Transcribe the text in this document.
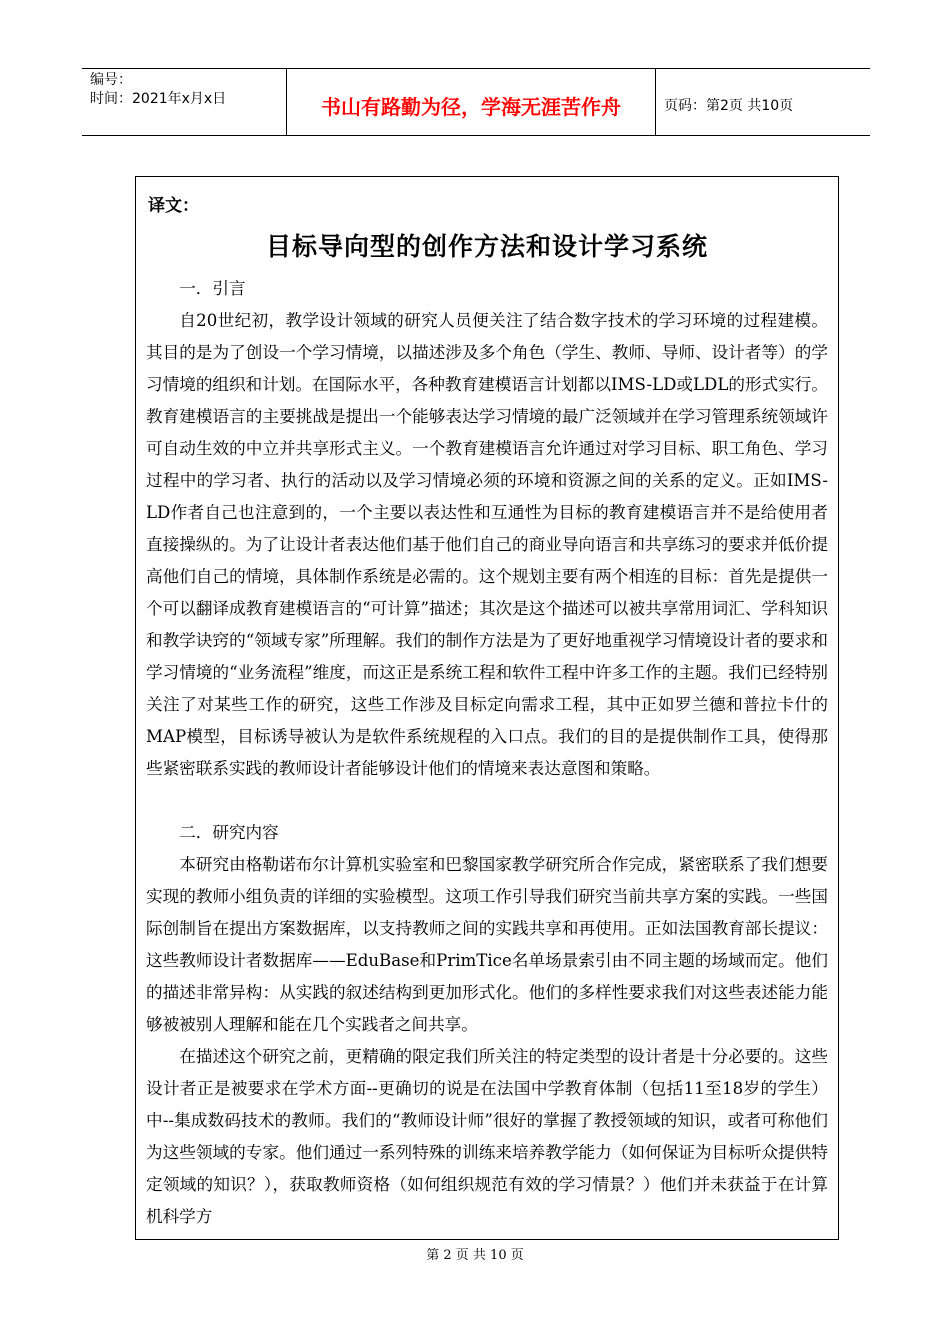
编号：
时间：2021年x月x日	书山有路勤为径，学海无涯苦作舟	页码：第2页 共10页
译文：
目标导向型的创作方法和设计学习系统

一．引言

自20世纪初，教学设计领域的研究人员便关注了结合数字技术的学习环境的过程建模。其目的是为了创设一个学习情境，以描述涉及多个角色（学生、教师、导师、设计者等）的学习情境的组织和计划。在国际水平，各种教育建模语言计划都以IMS-LD或LDL的形式实行。教育建模语言的主要挑战是提出一个能够表达学习情境的最广泛领域并在学习管理系统领域许可自动生效的中立并共享形式主义。一个教育建模语言允许通过对学习目标、职工角色、学习过程中的学习者、执行的活动以及学习情境必须的环境和资源之间的关系的定义。正如IMS-LD作者自己也注意到的，一个主要以表达性和互通性为目标的教育建模语言并不是给使用者直接操纵的。为了让设计者表达他们基于他们自己的商业导向语言和共享练习的要求并低价提高他们自己的情境，具体制作系统是必需的。这个规划主要有两个相连的目标：首先是提供一个可以翻译成教育建模语言的“可计算”描述；其次是这个描述可以被共享常用词汇、学科知识和教学诀窍的“领域专家”所理解。我们的制作方法是为了更好地重视学习情境设计者的要求和学习情境的“业务流程”维度，而这正是系统工程和软件工程中许多工作的主题。我们已经特别关注了对某些工作的研究，这些工作涉及目标定向需求工程，其中正如罗兰德和普拉卡什的MAP模型，目标诱导被认为是软件系统规程的入口点。我们的目的是提供制作工具，使得那些紧密联系实践的教师设计者能够设计他们的情境来表达意图和策略。

二．研究内容

本研究由格勒诺布尔计算机实验室和巴黎国家教学研究所合作完成，紧密联系了我们想要实现的教师小组负责的详细的实验模型。这项工作引导我们研究当前共享方案的实践。一些国际创制旨在提出方案数据库，以支持教师之间的实践共享和再使用。正如法国教育部长提议：这些教师设计者数据库——EduBase和PrimTice名单场景索引由不同主题的场域而定。他们的描述非常异构：从实践的叙述结构到更加形式化。他们的多样性要求我们对这些表述能力能够被被别人理解和能在几个实践者之间共享。

在描述这个研究之前，更精确的限定我们所关注的特定类型的设计者是十分必要的。这些设计者正是被要求在学术方面--更确切的说是在法国中学教育体制（包括11至18岁的学生）中--集成数码技术的教师。我们的“教师设计师”很好的掌握了教授领域的知识，或者可称他们为这些领域的专家。他们通过一系列特殊的训练来培养教学能力（如何保证为目标听众提供特定领域的知识？），获取教师资格（如何组织规范有效的学习情景？）他们并未获益于在计算机科学方

第 2 页 共 10 页
